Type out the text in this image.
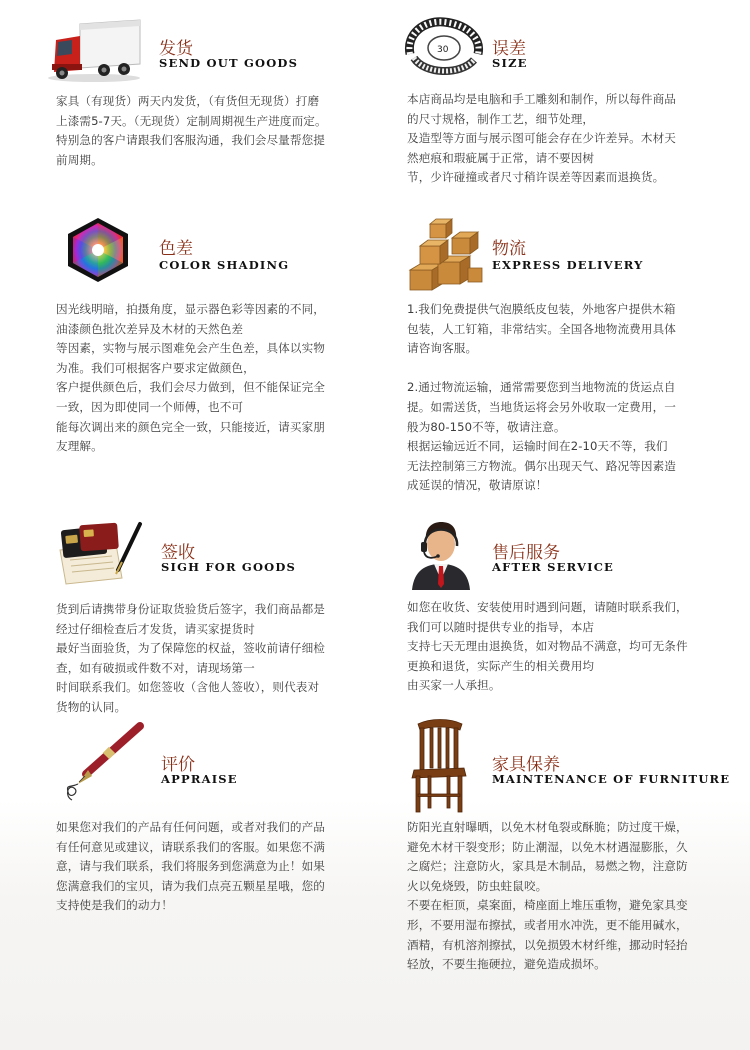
发货
SEND OUT GOODS
家具（有现货）两天内发货，（有货但无现货）打磨
上漆需5-7天。（无现货）定制周期视生产进度而定。
特别急的客户请跟我们客服沟通，我们会尽量帮您提
前周期。
30	误差
SIZE
本店商品均是电脑和手工雕刻和制作，所以每件商品
的尺寸规格，制作工艺，细节处理，
及造型等方面与展示图可能会存在少许差异。木材天
然疤痕和瑕疵属于正常，请不要因树
节，少许碰撞或者尺寸稍许误差等因素而退换货。
色差
COLOR SHADING
因光线明暗，拍摄角度，显示器色彩等因素的不同，
油漆颜色批次差异及木材的天然色差
等因素，实物与展示图难免会产生色差，具体以实物
为准。我们可根据客户要求定做颜色，
客户提供颜色后，我们会尽力做到，但不能保证完全
一致，因为即使同一个师傅，也不可
能每次调出来的颜色完全一致，只能接近，请买家朋
友理解。
物流
EXPRESS DELIVERY
1.我们免费提供气泡膜纸皮包装，外地客户提供木箱
包装，人工钉箱，非常结实。全国各地物流费用具体
请咨询客服。
2.通过物流运输，通常需要您到当地物流的货运点自
提。如需送货，当地货运将会另外收取一定费用，一
般为80-150不等，敬请注意。
根据运输远近不同，运输时间在2-10天不等，我们
无法控制第三方物流。偶尔出现天气、路况等因素造
成延误的情况，敬请原谅！
签收
SIGH FOR GOODS
货到后请携带身份证取货验货后签字，我们商品都是
经过仔细检查后才发货，请买家提货时
最好当面验货，为了保障您的权益，签收前请仔细检
查，如有破损或件数不对，请现场第一
时间联系我们。如您签收（含他人签收），则代表对
货物的认同。
售后服务
AFTER SERVICE
如您在收货、安装使用时遇到问题，请随时联系我们，
我们可以随时提供专业的指导，本店
支持七天无理由退换货，如对物品不满意，均可无条件
更换和退货，实际产生的相关费用均
由买家一人承担。
评价
APPRAISE
如果您对我们的产品有任何问题，或者对我们的产品
有任何意见或建议，请联系我们的客服。如果您不满
意，请与我们联系，我们将服务到您满意为止！如果
您满意我们的宝贝，请为我们点亮五颗星星哦，您的
支持使是我们的动力！
家具保养
MAINTENANCE OF FURNITURE
防阳光直射曝晒，以免木材龟裂或酥脆；防过度干燥，
避免木材干裂变形；防止潮湿，以免木材遇湿膨胀，久
之腐烂；注意防火，家具是木制品，易燃之物，注意防
火以免烧毁，防虫蛀鼠咬。
不要在柜顶，桌案面，椅座面上堆压重物，避免家具变
形，不要用湿布擦拭，或者用水冲洗，更不能用碱水，
酒精，有机溶剂擦拭，以免损毁木材纤维，挪动时轻抬
轻放，不要生拖硬拉，避免造成损坏。
